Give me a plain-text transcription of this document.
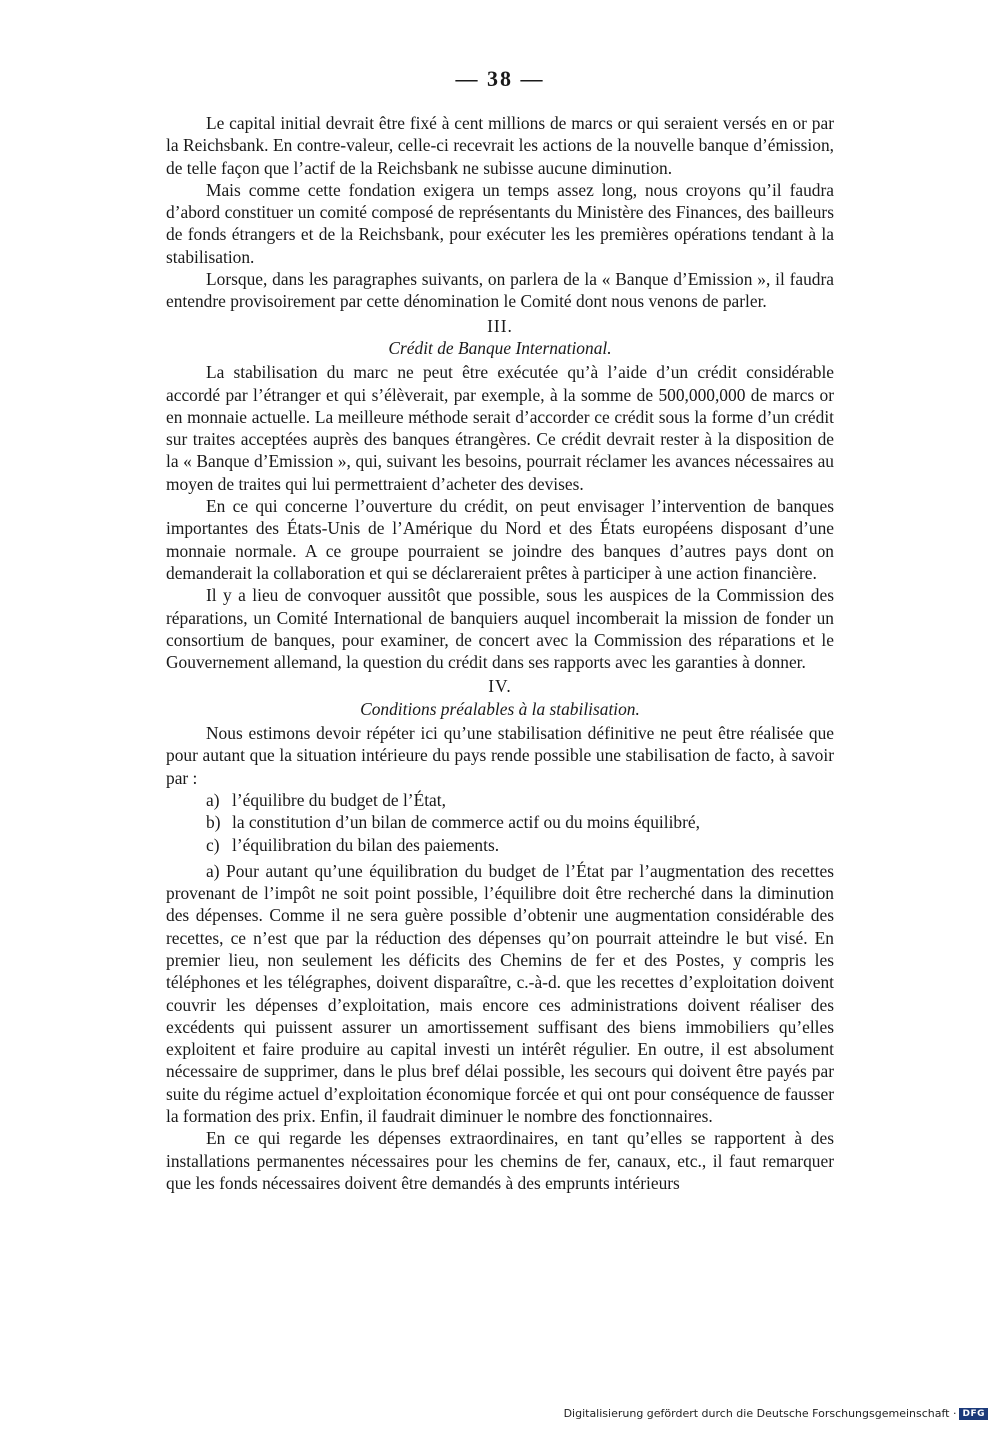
— 38 —

Le capital initial devrait être fixé à cent millions de marcs or qui seraient versés en or par la Reichsbank. En contre-valeur, celle-ci recevrait les actions de la nouvelle banque d’émission, de telle façon que l’actif de la Reichsbank ne subisse aucune diminution.

Mais comme cette fondation exigera un temps assez long, nous croyons qu’il faudra d’abord constituer un comité composé de représentants du Ministère des Finances, des bailleurs de fonds étrangers et de la Reichsbank, pour exécuter les les premières opérations tendant à la stabilisation.

Lorsque, dans les paragraphes suivants, on parlera de la « Banque d’Emission », il faudra entendre provisoirement par cette dénomination le Comité dont nous venons de parler.

III.
Crédit de Banque International.

La stabilisation du marc ne peut être exécutée qu’à l’aide d’un crédit considérable accordé par l’étranger et qui s’élèverait, par exemple, à la somme de 500,000,000 de marcs or en monnaie actuelle. La meilleure méthode serait d’accorder ce crédit sous la forme d’un crédit sur traites acceptées auprès des banques étrangères. Ce crédit devrait rester à la disposition de la « Banque d’Emission », qui, suivant les besoins, pourrait réclamer les avances nécessaires au moyen de traites qui lui permettraient d’acheter des devises.

En ce qui concerne l’ouverture du crédit, on peut envisager l’intervention de banques importantes des États-Unis de l’Amérique du Nord et des États européens disposant d’une monnaie normale. A ce groupe pourraient se joindre des banques d’autres pays dont on demanderait la collaboration et qui se déclareraient prêtes à participer à une action financière.

Il y a lieu de convoquer aussitôt que possible, sous les auspices de la Commission des réparations, un Comité International de banquiers auquel incomberait la mission de fonder un consortium de banques, pour examiner, de concert avec la Commission des réparations et le Gouvernement allemand, la question du crédit dans ses rapports avec les garanties à donner.

IV.
Conditions préalables à la stabilisation.

Nous estimons devoir répéter ici qu’une stabilisation définitive ne peut être réalisée que pour autant que la situation intérieure du pays rende possible une stabilisation de facto, à savoir par :

a) l’équilibre du budget de l’État,
b) la constitution d’un bilan de commerce actif ou du moins équilibré,
c) l’équilibration du bilan des paiements.

a) Pour autant qu’une équilibration du budget de l’État par l’augmentation des recettes provenant de l’impôt ne soit point possible, l’équilibre doit être recherché dans la diminution des dépenses. Comme il ne sera guère possible d’obtenir une augmentation considérable des recettes, ce n’est que par la réduction des dépenses qu’on pourrait atteindre le but visé. En premier lieu, non seulement les déficits des Chemins de fer et des Postes, y compris les téléphones et les télégraphes, doivent disparaître, c.-à-d. que les recettes d’exploitation doivent couvrir les dépenses d’exploitation, mais encore ces administrations doivent réaliser des excédents qui puissent assurer un amortissement suffisant des biens immobiliers qu’elles exploitent et faire produire au capital investi un intérêt régulier. En outre, il est absolument nécessaire de supprimer, dans le plus bref délai possible, les secours qui doivent être payés par suite du régime actuel d’exploitation économique forcée et qui ont pour conséquence de fausser la formation des prix. Enfin, il faudrait diminuer le nombre des fonctionnaires.

En ce qui regarde les dépenses extraordinaires, en tant qu’elles se rapportent à des installations permanentes nécessaires pour les chemins de fer, canaux, etc., il faut remarquer que les fonds nécessaires doivent être demandés à des emprunts intérieurs

Digitalisierung gefördert durch die Deutsche Forschungsgemeinschaft · DFG
